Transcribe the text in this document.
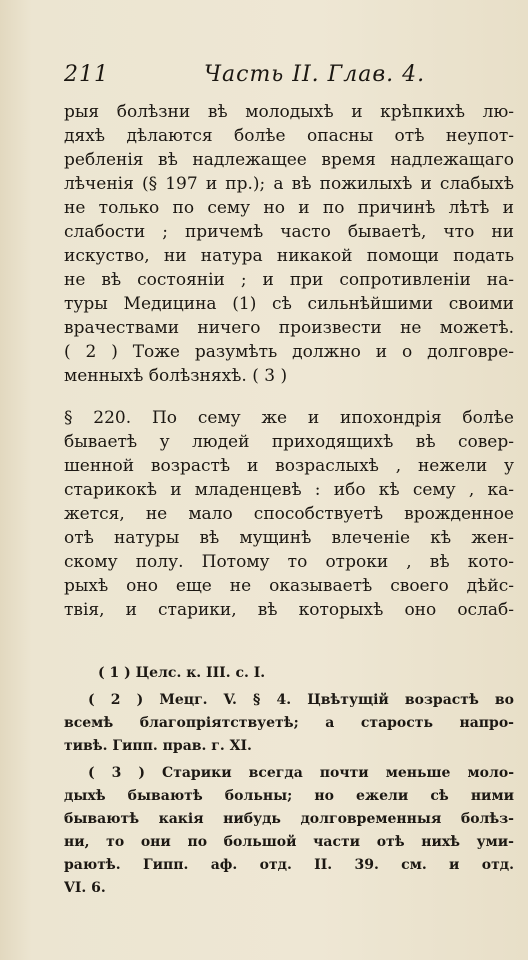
211	Часть II. Глав. 4.
рыя болѣзни вѣ молодыхѣ и крѣпкихѣ лю-
дяхѣ дѣлаются болѣе опасны отѣ неупот-
ребленія вѣ надлежащее время надлежащаго
лѣченія (§ 197 и пр.); а вѣ пожилыхѣ и слабыхѣ
не только по сему но и по причинѣ лѣтѣ и
слабости ; причемѣ часто бываетѣ, что ни
искуство, ни натура никакой помощи подать
не вѣ состояніи ; и при сопротивленіи на-
туры Медицина (1) сѣ сильнѣйшими своими
врачествами ничего произвести не можетѣ.
( 2 ) Тоже разумѣть должно и о долговре-
менныхѣ болѣзняхѣ. ( 3 )
§ 220. По сему же и ипохондрія болѣе
бываетѣ у людей приходящихѣ вѣ совер-
шенной возрастѣ и возраслыхѣ , нежели у
старикокѣ и младенцевѣ : ибо кѣ сему , ка-
жется, не мало способствуетѣ врожденное
отѣ натуры вѣ мущинѣ влеченіе кѣ жен-
скому полу. Потому то отроки , вѣ кото-
рыхѣ оно еще не оказываетѣ своего дѣйс-
твія, и старики, вѣ которыхѣ оно ослаб-
( 1 ) Целс. к. III. с. I.
( 2 ) Мецг. V. § 4. Цвѣтущій возрастѣ во
всемѣ благопріятствуетѣ; а старость напро-
тивѣ. Гипп. прав. г. XI.
( 3 ) Старики всегда почти меньше моло-
дыхѣ бываютѣ больны; но ежели сѣ ними
бываютѣ какія нибудь долговременныя болѣз-
ни, то они по большой части отѣ нихѣ уми-
раютѣ. Гипп. аф. отд. II. 39. см. и отд.
VI. 6.
